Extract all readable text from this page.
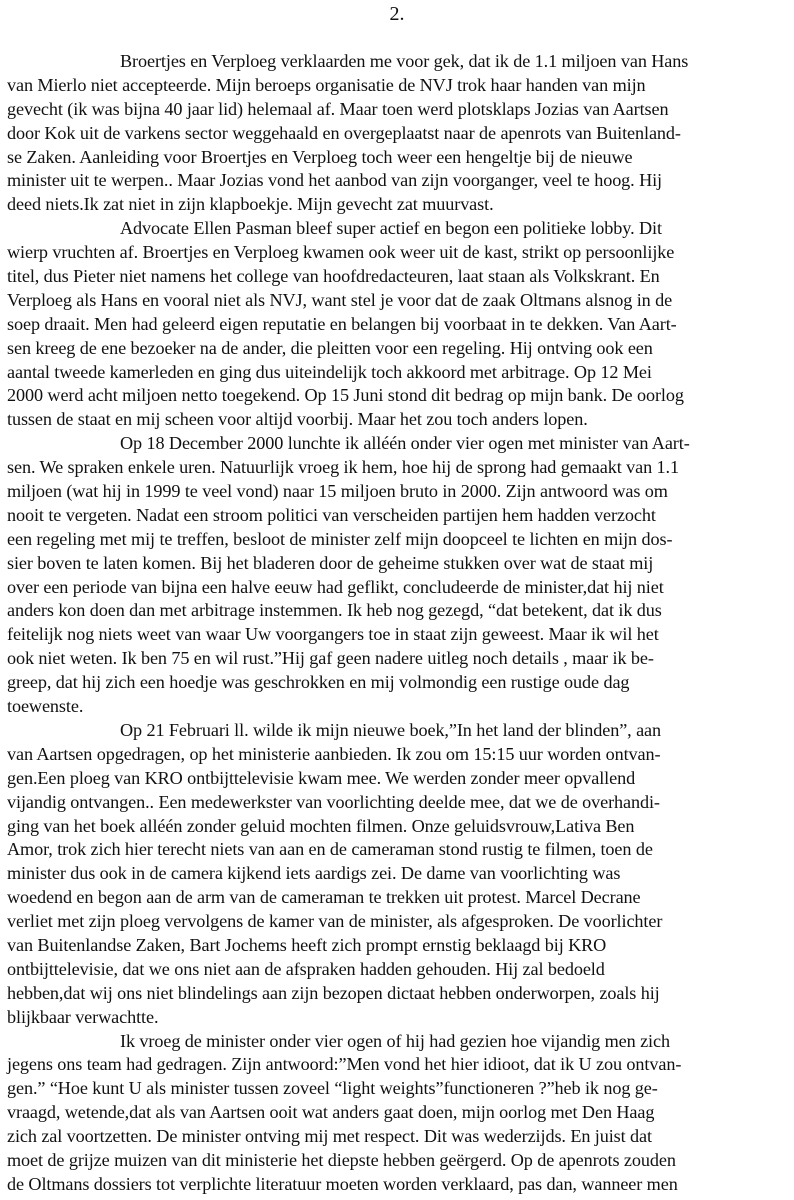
2.
Broertjes en Verploeg verklaarden me voor gek, dat ik de 1.1 miljoen van Hans
van Mierlo niet accepteerde. Mijn beroeps organisatie de NVJ trok haar handen van mijn
gevecht (ik was bijna 40 jaar lid) helemaal af. Maar toen werd plotsklaps Jozias van Aartsen
door Kok uit de varkens sector weggehaald en overgeplaatst naar de apenrots van Buitenland-
se Zaken. Aanleiding voor Broertjes en Verploeg toch weer een hengeltje bij de nieuwe
minister uit te werpen.. Maar Jozias vond het aanbod van zijn voorganger, veel te hoog. Hij
deed niets.Ik zat niet in zijn klapboekje. Mijn gevecht zat muurvast.
Advocate Ellen Pasman bleef super actief en begon een politieke lobby. Dit
wierp vruchten af. Broertjes en Verploeg kwamen ook weer uit de kast, strikt op persoonlijke
titel, dus Pieter niet namens het college van hoofdredacteuren, laat staan als Volkskrant. En
Verploeg als Hans en vooral niet als NVJ, want stel je voor dat de zaak Oltmans alsnog in de
soep draait. Men had geleerd eigen reputatie en belangen bij voorbaat in te dekken. Van Aart-
sen kreeg de ene bezoeker na de ander, die pleitten voor een regeling. Hij ontving ook een
aantal tweede kamerleden en ging dus uiteindelijk toch akkoord met arbitrage. Op 12 Mei
2000 werd acht miljoen netto toegekend. Op 15 Juni stond dit bedrag op mijn bank. De oorlog
tussen de staat en mij scheen voor altijd voorbij. Maar het zou toch anders lopen.
Op 18 December 2000 lunchte ik alléén onder vier ogen met minister van Aart-
sen. We spraken enkele uren. Natuurlijk vroeg ik hem, hoe hij de sprong had gemaakt van 1.1
miljoen (wat hij in 1999 te veel vond) naar 15 miljoen bruto in 2000. Zijn antwoord was om
nooit te vergeten. Nadat een stroom politici van verscheiden partijen hem hadden verzocht
een regeling met mij te treffen, besloot de minister zelf mijn doopceel te lichten en mijn dos-
sier boven te laten komen. Bij het bladeren door de geheime stukken over wat de staat mij
over een periode van bijna een halve eeuw had geflikt, concludeerde de minister,dat hij niet
anders kon doen dan met arbitrage instemmen. Ik heb nog gezegd, “dat betekent, dat ik dus
feitelijk nog niets weet van waar Uw voorgangers toe in staat zijn geweest. Maar ik wil het
ook niet weten. Ik ben 75 en wil rust.”Hij gaf geen nadere uitleg noch details , maar ik be-
greep, dat hij zich een hoedje was geschrokken en mij volmondig een rustige oude dag
toewenste.
Op 21 Februari ll. wilde ik mijn nieuwe boek,”In het land der blinden”, aan
van Aartsen opgedragen, op het ministerie aanbieden. Ik zou om 15:15 uur worden ontvan-
gen.Een ploeg van KRO ontbijttelevisie kwam mee. We werden zonder meer opvallend
vijandig ontvangen.. Een medewerkster van voorlichting deelde mee, dat we de overhandi-
ging van het boek alléén zonder geluid mochten filmen. Onze geluidsvrouw,Lativa Ben
Amor, trok zich hier terecht niets van aan en de cameraman stond rustig te filmen, toen de
minister dus ook in de camera kijkend iets aardigs zei. De dame van voorlichting was
woedend en begon aan de arm van de cameraman te trekken uit protest. Marcel Decrane
verliet met zijn ploeg vervolgens de kamer van de minister, als afgesproken. De voorlichter
van Buitenlandse Zaken, Bart Jochems heeft zich prompt ernstig beklaagd bij KRO
ontbijttelevisie, dat we ons niet aan de afspraken hadden gehouden. Hij zal bedoeld
hebben,dat wij ons niet blindelings aan zijn bezopen dictaat hebben onderworpen, zoals hij
blijkbaar verwachtte.
Ik vroeg de minister onder vier ogen of hij had gezien hoe vijandig men zich
jegens ons team had gedragen. Zijn antwoord:”Men vond het hier idioot, dat ik U zou ontvan-
gen.” “Hoe kunt U als minister tussen zoveel “light weights”functioneren ?”heb ik nog ge-
vraagd, wetende,dat als van Aartsen ooit wat anders gaat doen, mijn oorlog met Den Haag
zich zal voortzetten. De minister ontving mij met respect. Dit was wederzijds. En juist dat
moet de grijze muizen van dit ministerie het diepste hebben geërgerd. Op de apenrots zouden
de Oltmans dossiers tot verplichte literatuur moeten worden verklaard, pas dan, wanneer men
